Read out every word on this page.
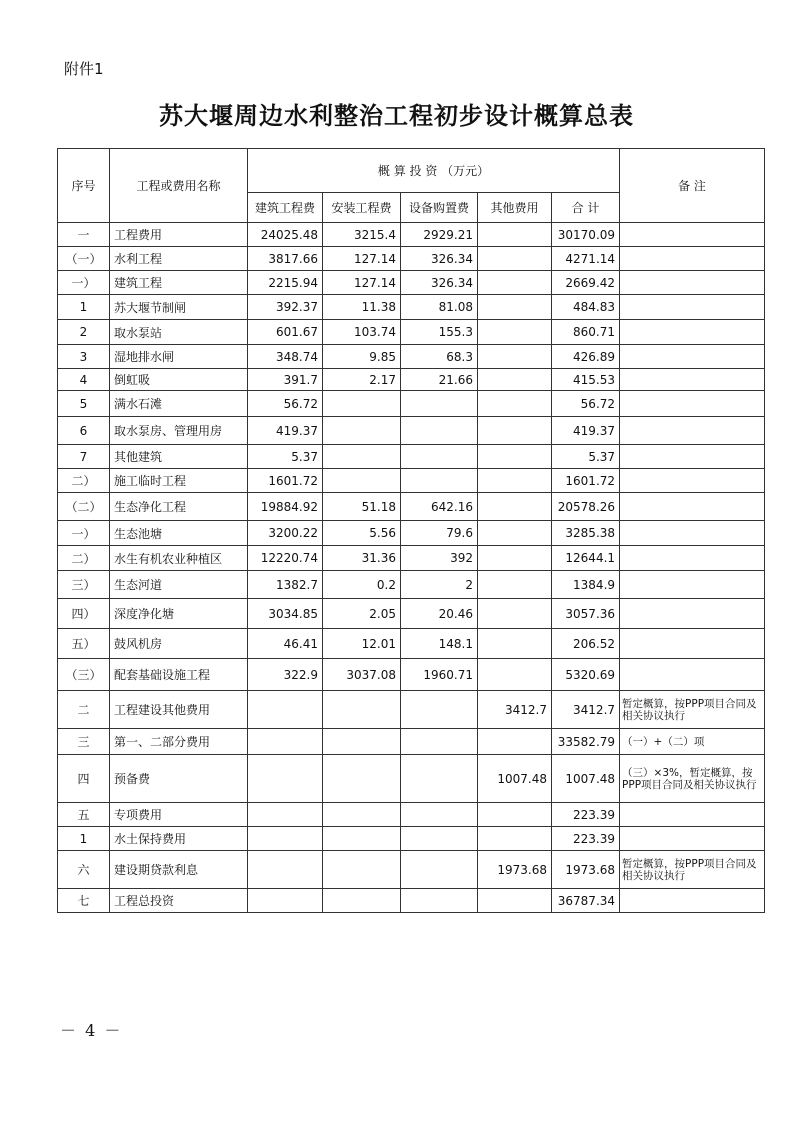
附件1
苏大堰周边水利整治工程初步设计概算总表
序号	工程或费用名称	概 算 投 资 （万元）					备 注
		建筑工程费	安装工程费	设备购置费	其他费用	合 计	
一	工程费用	24025.48	3215.4	2929.21		30170.09	
（一）	水利工程	3817.66	127.14	326.34		4271.14	
一）	建筑工程	2215.94	127.14	326.34		2669.42	
1	苏大堰节制闸	392.37	11.38	81.08		484.83	
2	取水泵站	601.67	103.74	155.3		860.71	
3	湿地排水闸	348.74	9.85	68.3		426.89	
4	倒虹吸	391.7	2.17	21.66		415.53	
5	满水石滩	56.72				56.72	
6	取水泵房、管理用房	419.37				419.37	
7	其他建筑	5.37				5.37	
二）	施工临时工程	1601.72				1601.72	
（二）	生态净化工程	19884.92	51.18	642.16		20578.26	
一）	生态池塘	3200.22	5.56	79.6		3285.38	
二）	水生有机农业种植区	12220.74	31.36	392		12644.1	
三）	生态河道	1382.7	0.2	2		1384.9	
四）	深度净化塘	3034.85	2.05	20.46		3057.36	
五）	鼓风机房	46.41	12.01	148.1		206.52	
（三）	配套基础设施工程	322.9	3037.08	1960.71		5320.69	
二	工程建设其他费用				3412.7	3412.7	暂定概算，按PPP项目合同及相关协议执行
三	第一、二部分费用					33582.79	（一）+（二）项
四	预备费				1007.48	1007.48	（三）×3%，暂定概算，按PPP项目合同及相关协议执行
五	专项费用					223.39	
1	水土保持费用					223.39	
六	建设期贷款利息				1973.68	1973.68	暂定概算，按PPP项目合同及相关协议执行
七	工程总投资					36787.34	
－ 4 －
